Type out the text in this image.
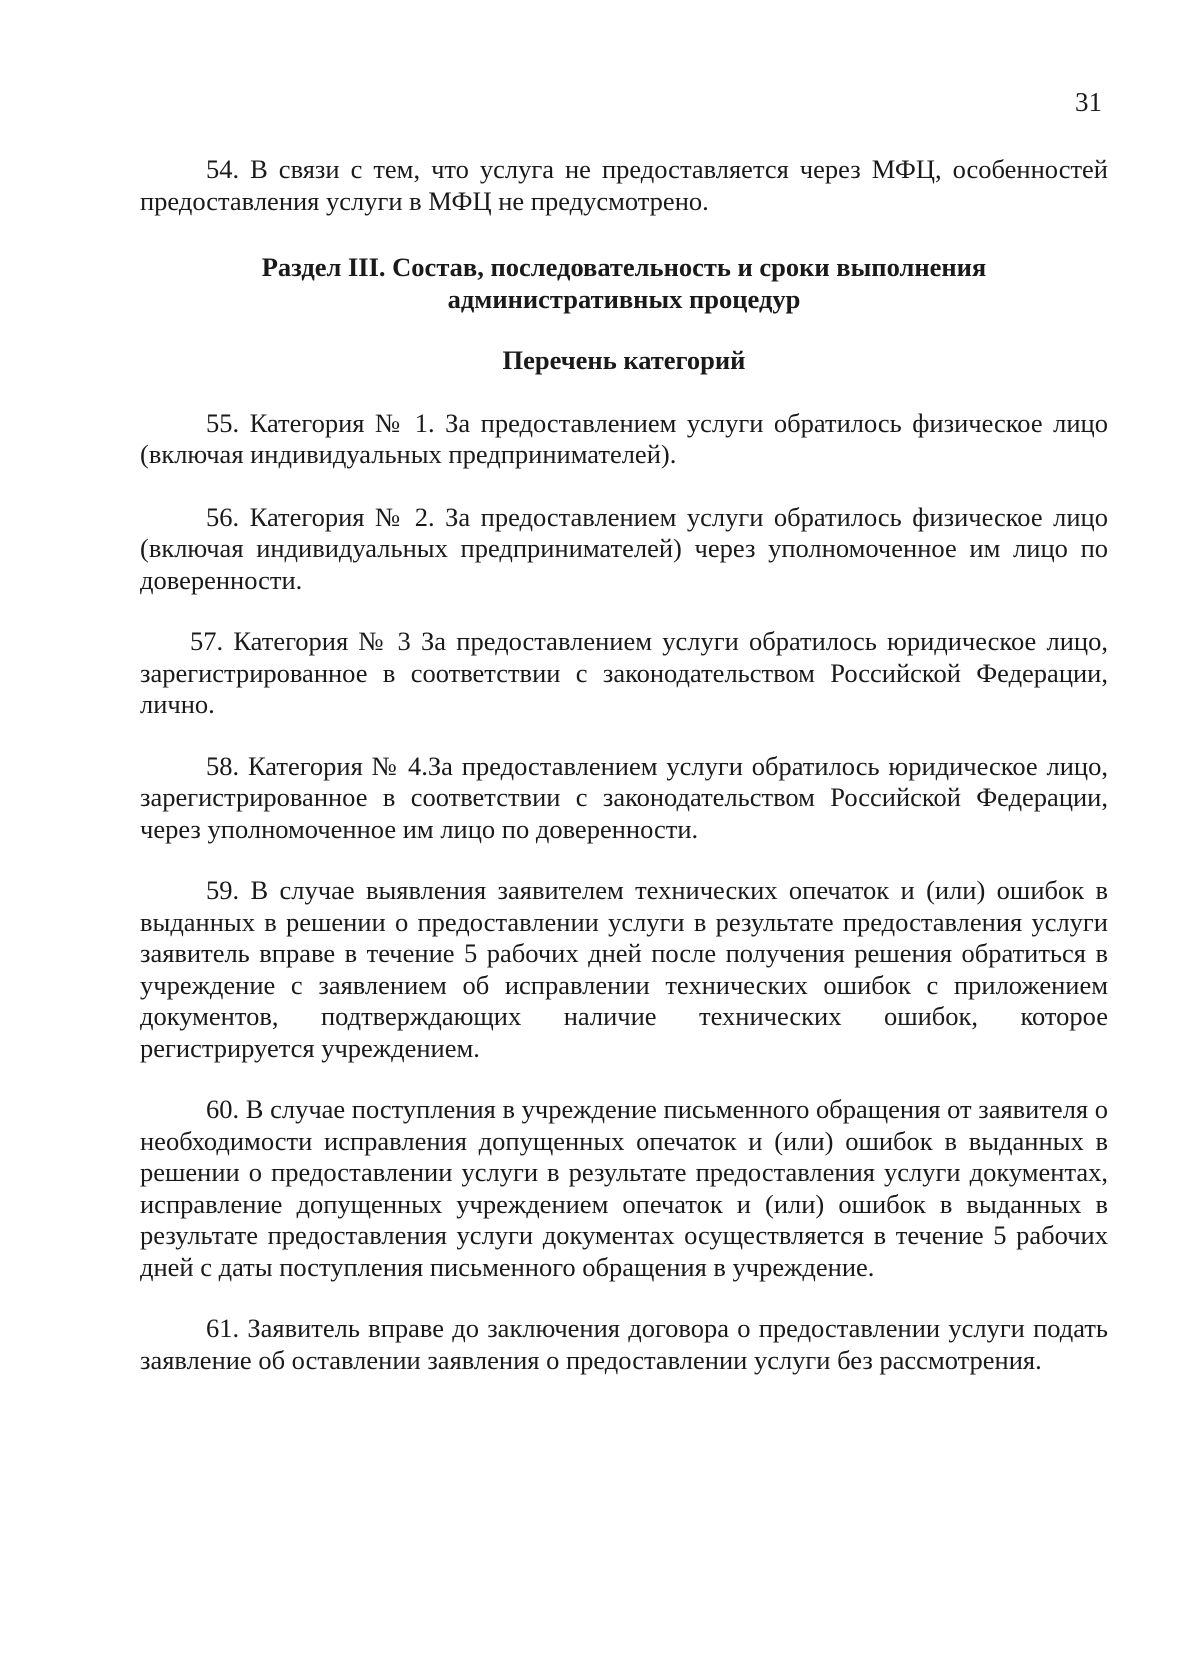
31

54. В связи с тем, что услуга не предоставляется через МФЦ, особенностей предоставления услуги в МФЦ не предусмотрено.

Раздел III. Состав, последовательность и сроки выполнения
административных процедур
Перечень категорий

55. Категория № 1. За предоставлением услуги обратилось физическое лицо (включая индивидуальных предпринимателей).

56. Категория № 2. За предоставлением услуги обратилось физическое лицо (включая индивидуальных предпринимателей) через уполномоченное им лицо по доверенности.

57. Категория № 3 За предоставлением услуги обратилось юридическое лицо, зарегистрированное в соответствии с законодательством Российской Федерации, лично.

58. Категория № 4.За предоставлением услуги обратилось юридическое лицо, зарегистрированное в соответствии с законодательством Российской Федерации, через уполномоченное им лицо по доверенности.

59. В случае выявления заявителем технических опечаток и (или) ошибок в выданных в решении о предоставлении услуги в результате предоставления услуги заявитель вправе в течение 5 рабочих дней после получения решения обратиться в учреждение с заявлением об исправлении технических ошибок с приложением документов, подтверждающих наличие технических ошибок, которое регистрируется учреждением.

60. В случае поступления в учреждение письменного обращения от заявителя о необходимости исправления допущенных опечаток и (или) ошибок в выданных в решении о предоставлении услуги в результате предоставления услуги документах, исправление допущенных учреждением опечаток и (или) ошибок в выданных в результате предоставления услуги документах осуществляется в течение 5 рабочих дней с даты поступления письменного обращения в учреждение.

61. Заявитель вправе до заключения договора о предоставлении услуги подать заявление об оставлении заявления о предоставлении услуги без рассмотрения.
